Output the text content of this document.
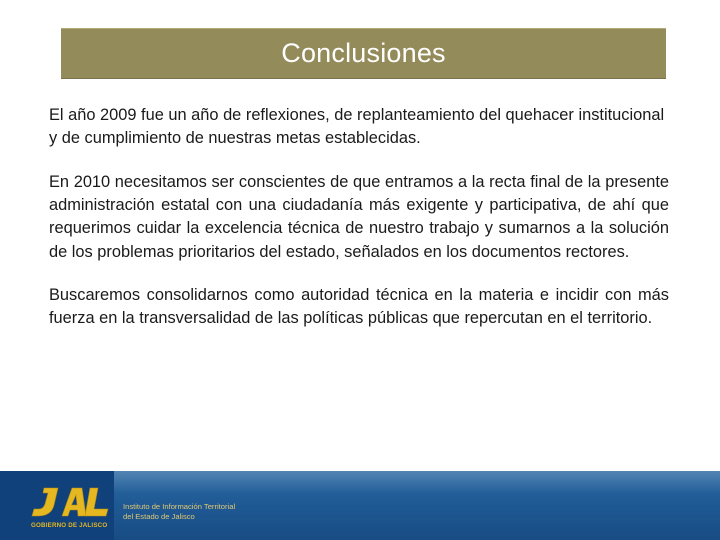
Conclusiones

El año 2009 fue un año de reflexiones, de replanteamiento del quehacer institucional y de cumplimiento de nuestras metas establecidas.

En 2010 necesitamos ser conscientes de que entramos a la recta final de la presente administración estatal con una ciudadanía más exigente y participativa, de ahí que requerimos cuidar la excelencia técnica de nuestro trabajo y sumarnos a la solución de los problemas prioritarios del estado, señalados en los documentos rectores.

Buscaremos consolidarnos como autoridad técnica en la materia e incidir con más fuerza en la transversalidad de las políticas públicas que repercutan en el territorio.

GOBIERNO DE JALISCO
Instituto de Información Territorial
del Estado de Jalisco
